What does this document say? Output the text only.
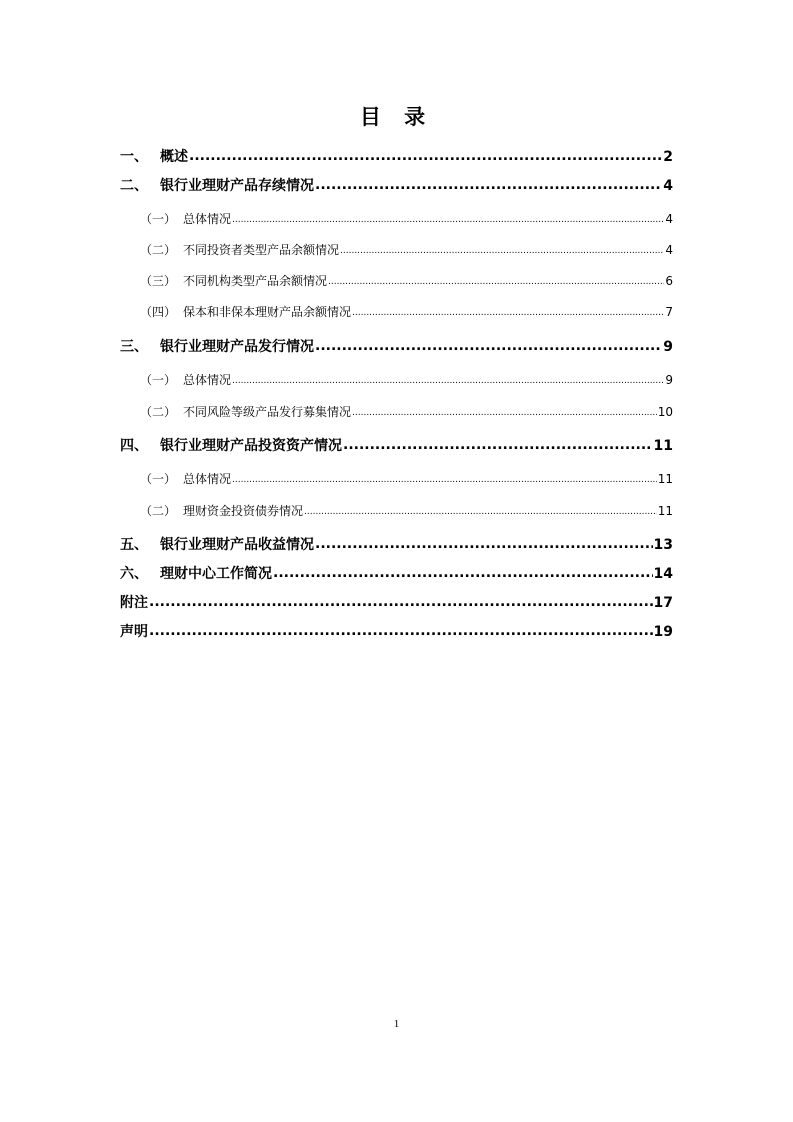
目 录
一、 概述 .....	2
二、 银行业理财产品存续情况 .....	4
（一） 总体情况 .....	4
（二） 不同投资者类型产品余额情况 .....	4
（三） 不同机构类型产品余额情况 .....	6
（四） 保本和非保本理财产品余额情况 .....	7
三、 银行业理财产品发行情况 .....	9
（一） 总体情况 .....	9
（二） 不同风险等级产品发行募集情况 .....	10
四、 银行业理财产品投资资产情况 .....	11
（一） 总体情况 .....	11
（二） 理财资金投资债券情况 .....	11
五、 银行业理财产品收益情况 .....	13
六、 理财中心工作简况 .....	14
附注 .....	17
声明 .....	19
1
